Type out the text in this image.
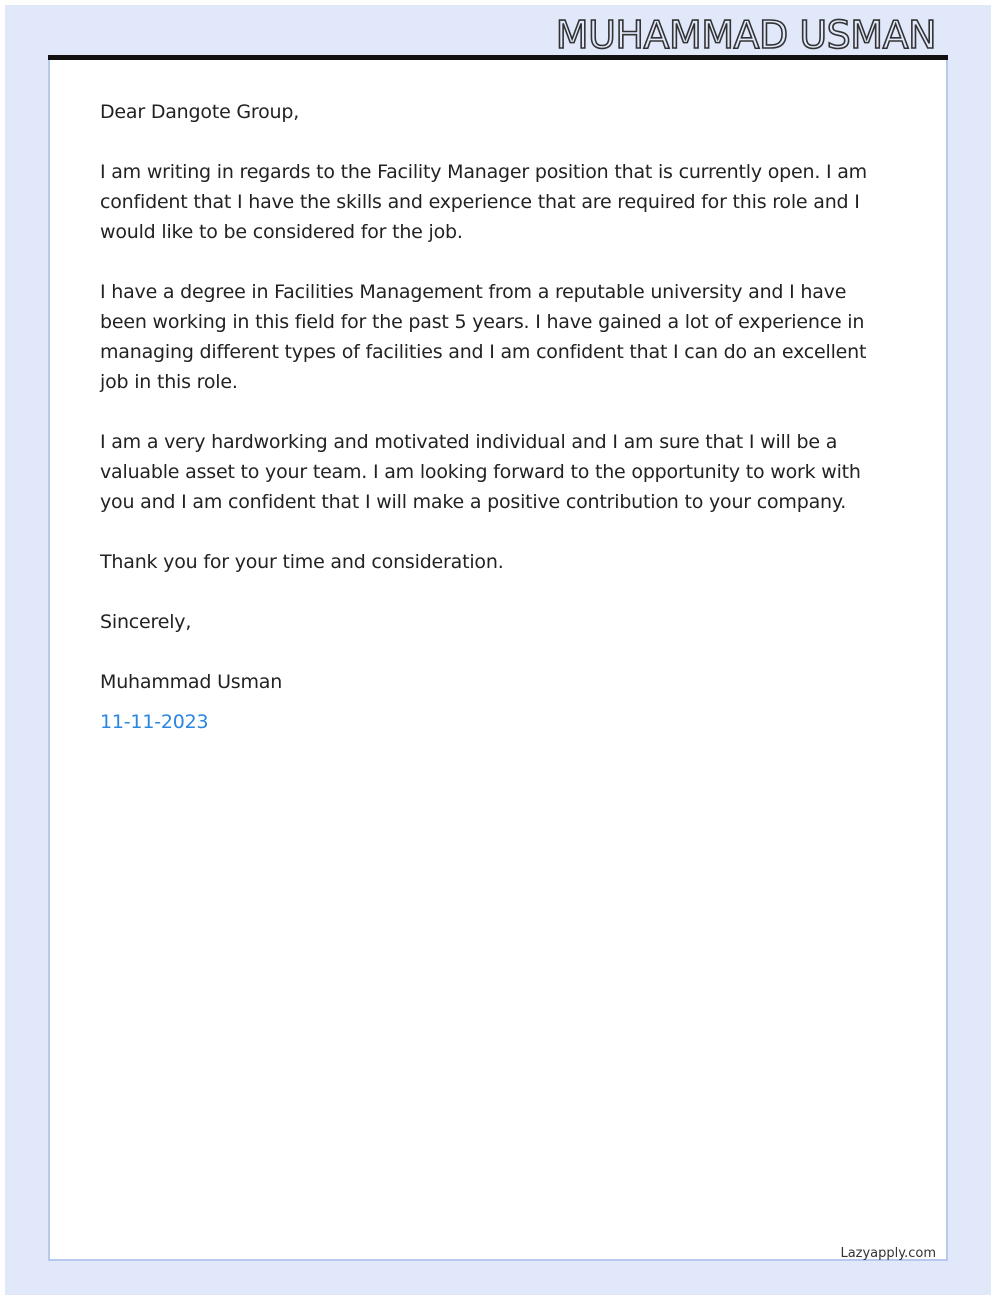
MUHAMMAD USMAN

Dear Dangote Group,

I am writing in regards to the Facility Manager position that is currently open. I am confident that I have the skills and experience that are required for this role and I would like to be considered for the job.

I have a degree in Facilities Management from a reputable university and I have been working in this field for the past 5 years. I have gained a lot of experience in managing different types of facilities and I am confident that I can do an excellent job in this role.

I am a very hardworking and motivated individual and I am sure that I will be a valuable asset to your team. I am looking forward to the opportunity to work with you and I am confident that I will make a positive contribution to your company.

Thank you for your time and consideration.

Sincerely,

Muhammad Usman

11-11-2023

Lazyapply.com
